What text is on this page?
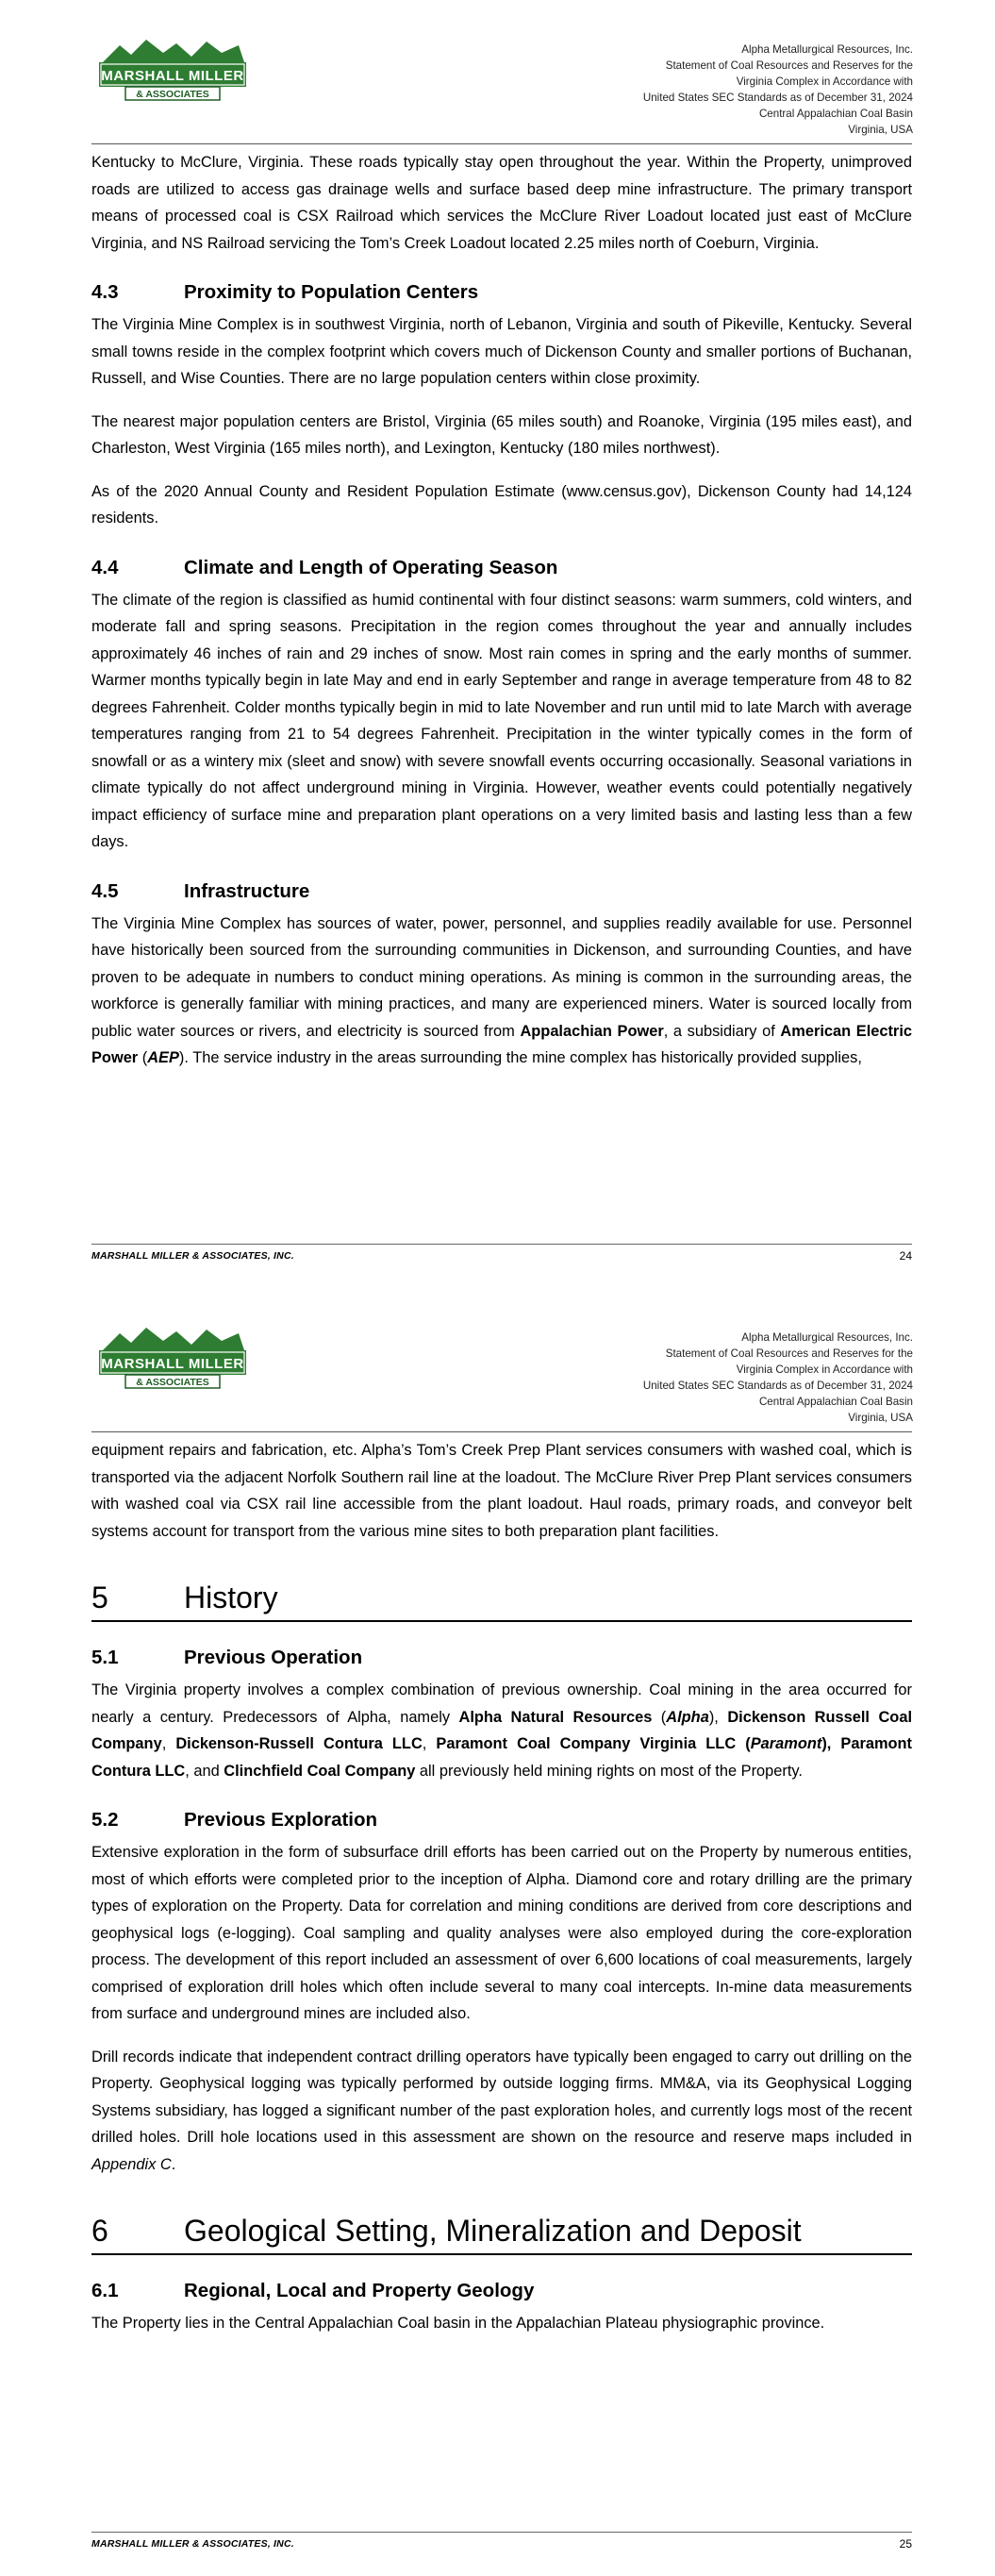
MARSHALL MILLER
& ASSOCIATES
Alpha Metallurgical Resources, Inc.
Statement of Coal Resources and Reserves for the
Virginia Complex in Accordance with
United States SEC Standards as of December 31, 2024
Central Appalachian Coal Basin
Virginia, USA

Kentucky to McClure, Virginia. These roads typically stay open throughout the year. Within the Property, unimproved roads are utilized to access gas drainage wells and surface based deep mine infrastructure. The primary transport means of processed coal is CSX Railroad which services the McClure River Loadout located just east of McClure Virginia, and NS Railroad servicing the Tom’s Creek Loadout located 2.25 miles north of Coeburn, Virginia.

4.3	Proximity to Population Centers

The Virginia Mine Complex is in southwest Virginia, north of Lebanon, Virginia and south of Pikeville, Kentucky. Several small towns reside in the complex footprint which covers much of Dickenson County and smaller portions of Buchanan, Russell, and Wise Counties. There are no large population centers within close proximity.

The nearest major population centers are Bristol, Virginia (65 miles south) and Roanoke, Virginia (195 miles east), and Charleston, West Virginia (165 miles north), and Lexington, Kentucky (180 miles northwest).

As of the 2020 Annual County and Resident Population Estimate (www.census.gov), Dickenson County had 14,124 residents.

4.4	Climate and Length of Operating Season

The climate of the region is classified as humid continental with four distinct seasons: warm summers, cold winters, and moderate fall and spring seasons. Precipitation in the region comes throughout the year and annually includes approximately 46 inches of rain and 29 inches of snow. Most rain comes in spring and the early months of summer. Warmer months typically begin in late May and end in early September and range in average temperature from 48 to 82 degrees Fahrenheit. Colder months typically begin in mid to late November and run until mid to late March with average temperatures ranging from 21 to 54 degrees Fahrenheit. Precipitation in the winter typically comes in the form of snowfall or as a wintery mix (sleet and snow) with severe snowfall events occurring occasionally. Seasonal variations in climate typically do not affect underground mining in Virginia. However, weather events could potentially negatively impact efficiency of surface mine and preparation plant operations on a very limited basis and lasting less than a few days.

4.5	Infrastructure

The Virginia Mine Complex has sources of water, power, personnel, and supplies readily available for use. Personnel have historically been sourced from the surrounding communities in Dickenson, and surrounding Counties, and have proven to be adequate in numbers to conduct mining operations. As mining is common in the surrounding areas, the workforce is generally familiar with mining practices, and many are experienced miners. Water is sourced locally from public water sources or rivers, and electricity is sourced from Appalachian Power, a subsidiary of American Electric Power (AEP). The service industry in the areas surrounding the mine complex has historically provided supplies,

MARSHALL MILLER & ASSOCIATES, INC.	24
MARSHALL MILLER
& ASSOCIATES
Alpha Metallurgical Resources, Inc.
Statement of Coal Resources and Reserves for the
Virginia Complex in Accordance with
United States SEC Standards as of December 31, 2024
Central Appalachian Coal Basin
Virginia, USA

equipment repairs and fabrication, etc. Alpha’s Tom’s Creek Prep Plant services consumers with washed coal, which is transported via the adjacent Norfolk Southern rail line at the loadout. The McClure River Prep Plant services consumers with washed coal via CSX rail line accessible from the plant loadout. Haul roads, primary roads, and conveyor belt systems account for transport from the various mine sites to both preparation plant facilities.

5	History
5.1	Previous Operation

The Virginia property involves a complex combination of previous ownership. Coal mining in the area occurred for nearly a century. Predecessors of Alpha, namely Alpha Natural Resources (Alpha), Dickenson Russell Coal Company, Dickenson-Russell Contura LLC, Paramont Coal Company Virginia LLC (Paramont), Paramont Contura LLC, and Clinchfield Coal Company all previously held mining rights on most of the Property.

5.2	Previous Exploration

Extensive exploration in the form of subsurface drill efforts has been carried out on the Property by numerous entities, most of which efforts were completed prior to the inception of Alpha. Diamond core and rotary drilling are the primary types of exploration on the Property. Data for correlation and mining conditions are derived from core descriptions and geophysical logs (e-logging). Coal sampling and quality analyses were also employed during the core-exploration process. The development of this report included an assessment of over 6,600 locations of coal measurements, largely comprised of exploration drill holes which often include several to many coal intercepts. In-mine data measurements from surface and underground mines are included also.

Drill records indicate that independent contract drilling operators have typically been engaged to carry out drilling on the Property. Geophysical logging was typically performed by outside logging firms. MM&A, via its Geophysical Logging Systems subsidiary, has logged a significant number of the past exploration holes, and currently logs most of the recent drilled holes. Drill hole locations used in this assessment are shown on the resource and reserve maps included in Appendix C.

6	Geological Setting, Mineralization and Deposit
6.1	Regional, Local and Property Geology

The Property lies in the Central Appalachian Coal basin in the Appalachian Plateau physiographic province.

MARSHALL MILLER & ASSOCIATES, INC.	25
